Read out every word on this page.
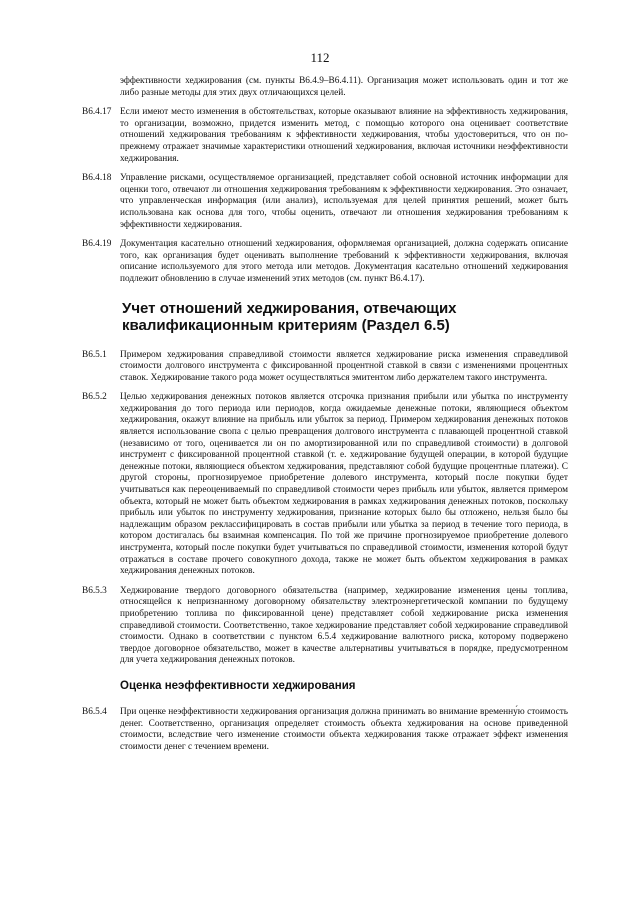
112
эффективности хеджирования (см. пункты B6.4.9–B6.4.11). Организация может использовать один и тот же либо разные методы для этих двух отличающихся целей.
B6.4.17 Если имеют место изменения в обстоятельствах, которые оказывают влияние на эффективность хеджирования, то организации, возможно, придется изменить метод, с помощью которого она оценивает соответствие отношений хеджирования требованиям к эффективности хеджирования, чтобы удостовериться, что он по-прежнему отражает значимые характеристики отношений хеджирования, включая источники неэффективности хеджирования.
B6.4.18 Управление рисками, осуществляемое организацией, представляет собой основной источник информации для оценки того, отвечают ли отношения хеджирования требованиям к эффективности хеджирования. Это означает, что управленческая информация (или анализ), используемая для целей принятия решений, может быть использована как основа для того, чтобы оценить, отвечают ли отношения хеджирования требованиям к эффективности хеджирования.
B6.4.19 Документация касательно отношений хеджирования, оформляемая организацией, должна содержать описание того, как организация будет оценивать выполнение требований к эффективности хеджирования, включая описание используемого для этого метода или методов. Документация касательно отношений хеджирования подлежит обновлению в случае изменений этих методов (см. пункт B6.4.17).
Учет отношений хеджирования, отвечающих
квалификационным критериям (Раздел 6.5)
B6.5.1	Примером хеджирования справедливой стоимости является хеджирование риска изменения справедливой стоимости долгового инструмента с фиксированной процентной ставкой в связи с изменениями процентных ставок. Хеджирование такого рода может осуществляться эмитентом либо держателем такого инструмента.
B6.5.2	Целью хеджирования денежных потоков является отсрочка признания прибыли или убытка по инструменту хеджирования до того периода или периодов, когда ожидаемые денежные потоки, являющиеся объектом хеджирования, окажут влияние на прибыль или убыток за период. Примером хеджирования денежных потоков является использование свопа с целью превращения долгового инструмента с плавающей процентной ставкой (независимо от того, оценивается ли он по амортизированной или по справедливой стоимости) в долговой инструмент с фиксированной процентной ставкой (т. е. хеджирование будущей операции, в которой будущие денежные потоки, являющиеся объектом хеджирования, представляют собой будущие процентные платежи). С другой стороны, прогнозируемое приобретение долевого инструмента, который после покупки будет учитываться как переоцениваемый по справедливой стоимости через прибыль или убыток, является примером объекта, который не может быть объектом хеджирования в рамках хеджирования денежных потоков, поскольку прибыль или убыток по инструменту хеджирования, признание которых было бы отложено, нельзя было бы надлежащим образом реклассифицировать в состав прибыли или убытка за период в течение того периода, в котором достигалась бы взаимная компенсация. По той же причине прогнозируемое приобретение долевого инструмента, который после покупки будет учитываться по справедливой стоимости, изменения которой будут отражаться в составе прочего совокупного дохода, также не может быть объектом хеджирования в рамках хеджирования денежных потоков.
B6.5.3	Хеджирование твердого договорного обязательства (например, хеджирование изменения цены топлива, относящейся к непризнанному договорному обязательству электроэнергетической компании по будущему приобретению топлива по фиксированной цене) представляет собой хеджирование риска изменения справедливой стоимости. Соответственно, такое хеджирование представляет собой хеджирование справедливой стоимости. Однако в соответствии с пунктом 6.5.4 хеджирование валютного риска, которому подвержено твердое договорное обязательство, может в качестве альтернативы учитываться в порядке, предусмотренном для учета хеджирования денежных потоков.
Оценка неэффективности хеджирования
B6.5.4	При оценке неэффективности хеджирования организация должна принимать во внимание временну́ю стоимость денег. Соответственно, организация определяет стоимость объекта хеджирования на основе приведенной стоимости, вследствие чего изменение стоимости объекта хеджирования также отражает эффект изменения стоимости денег с течением времени.
